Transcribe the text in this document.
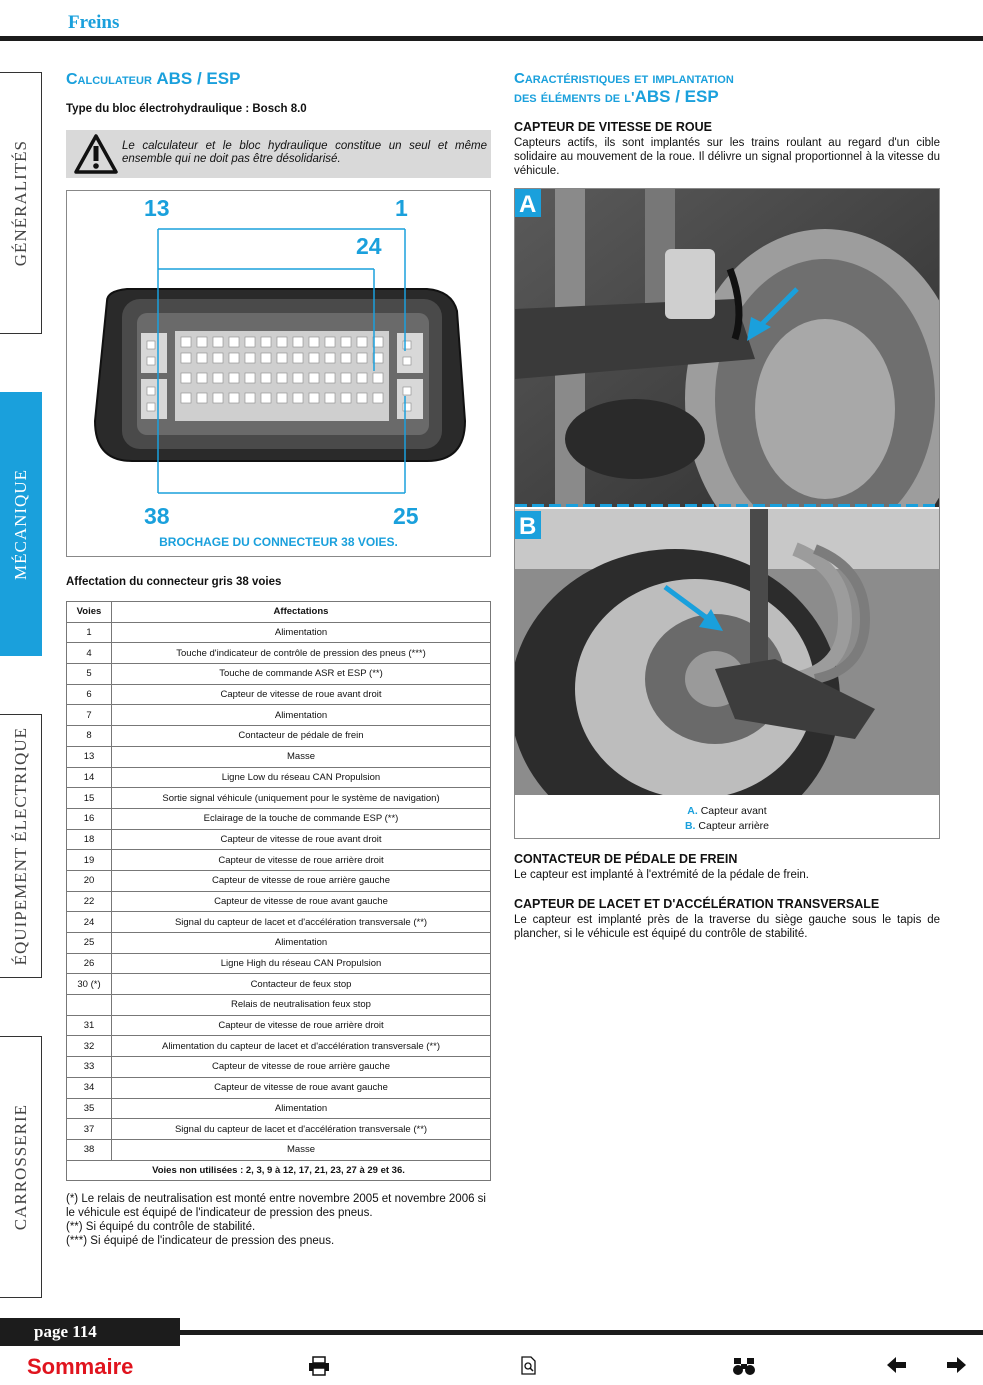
Freins
GÉNÉRALITÉS
MÉCANIQUE
ÉQUIPEMENT ÉLECTRIQUE
CARROSSERIE
Calculateur ABS / ESP
Type du bloc électrohydraulique : Bosch 8.0
Le calculateur et le bloc hydraulique constitue un seul et même ensemble qui ne doit pas être désolidarisé.
13	1
24
38	25
BROCHAGE DU CONNECTEUR 38 VOIES.
Affectation du connecteur gris 38 voies
Voies	Affectations
1	Alimentation
4	Touche d'indicateur de contrôle de pression des pneus (***)
5	Touche de commande ASR et ESP (**)
6	Capteur de vitesse de roue avant droit
7	Alimentation
8	Contacteur de pédale de frein
13	Masse
14	Ligne Low du réseau CAN Propulsion
15	Sortie signal véhicule (uniquement pour le système de navigation)
16	Eclairage de la touche de commande ESP (**)
18	Capteur de vitesse de roue avant droit
19	Capteur de vitesse de roue arrière droit
20	Capteur de vitesse de roue arrière gauche
22	Capteur de vitesse de roue avant gauche
24	Signal du capteur de lacet et d'accélération transversale (**)
25	Alimentation
26	Ligne High du réseau CAN Propulsion
30 (*)	Contacteur de feux stop
	Relais de neutralisation feux stop
31	Capteur de vitesse de roue arrière droit
32	Alimentation du capteur de lacet et d'accélération transversale (**)
33	Capteur de vitesse de roue arrière gauche
34	Capteur de vitesse de roue avant gauche
35	Alimentation
37	Signal du capteur de lacet et d'accélération transversale (**)
38	Masse
Voies non utilisées : 2, 3, 9 à 12, 17, 21, 23, 27 à 29 et 36.	
(*) Le relais de neutralisation est monté entre novembre 2005 et novembre 2006 si le véhicule est équipé de l'indicateur de pression des pneus.
(**) Si équipé du contrôle de stabilité.
(***) Si équipé de l'indicateur de pression des pneus.
Caractéristiques et implantation
des éléments de l'ABS / ESP
CAPTEUR DE VITESSE DE ROUE
Capteurs actifs, ils sont implantés sur les trains roulant au regard d'un cible solidaire au mouvement de la roue. Il délivre un signal proportionnel à la vitesse du véhicule.
A
B
A. Capteur avant
B. Capteur arrière
CONTACTEUR DE PÉDALE DE FREIN
Le capteur est implanté à l'extrémité de la pédale de frein.
CAPTEUR DE LACET ET D'ACCÉLÉRATION TRANSVERSALE
Le capteur est implanté près de la traverse du siège gauche sous le tapis de plancher, si le véhicule est équipé du contrôle de stabilité.
page 114
Sommaire
